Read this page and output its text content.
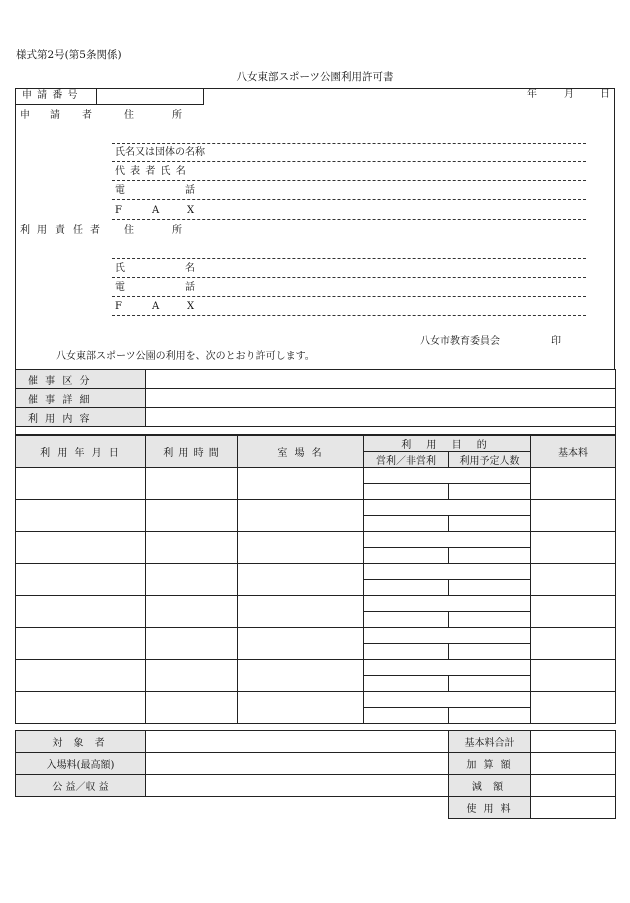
様式第2号(第5条関係)
八女東部スポーツ公園利用許可書
申 請 番 号	年	月	日
申 請 者	住	所
氏名又は団体の名称
代 表 者 氏 名
電	話
F	A	X
利 用 責 任 者 住	所
氏	名
電	話
F	A	X
八女市教育委員会	印
八女東部スポーツ公園の利用を、次のとおり許可します。
催 事 区 分	
催 事 詳 細	
利 用 内 容	

利 用 年 月 日	利 用 時 間	室 場 名	利 用 目 的		基本料
			営利／非営利	利用予定人数	

対 象 者		基本料合計	
入場料(最高額)		加 算 額	
公 益／収 益		減 額	
		使 用 料	
